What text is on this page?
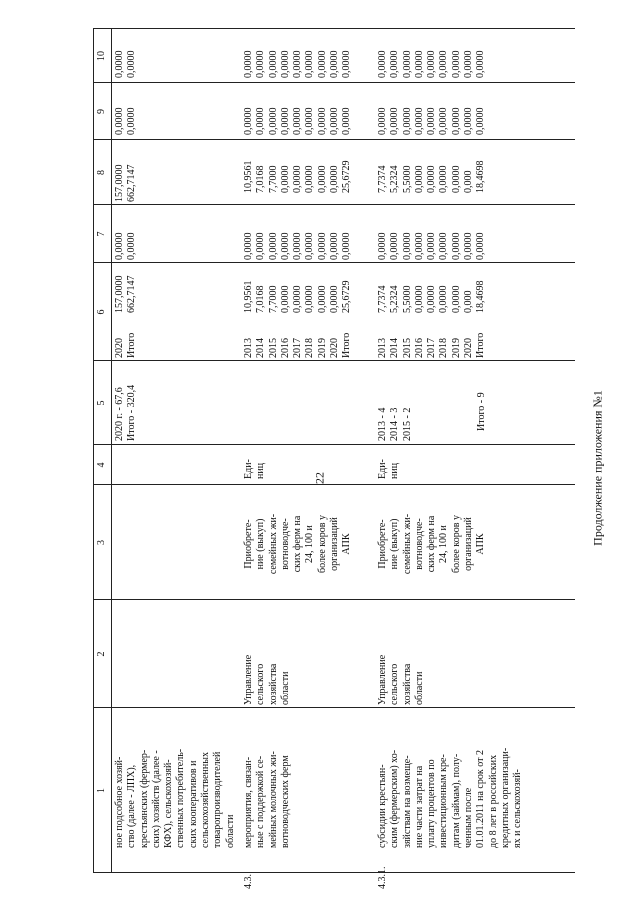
22	Продолжение приложения №1
1
2
3
4
5
6
7
8
9
10
ное подсобное хозяй-
ство (далее - ЛПХ),
крестьянских (фермер-
ских) хозяйств (далее -
КФХ), сельскохозяй-
ственных потребитель-
ских кооперативов и
сельскохозяйственных
товаропроизводителей
области
2020 г. - 67,6
Итого - 320,4
2020
Итого
157,0000
662,7147
0,0000
0,0000
157,0000
662,7147
0,0000
0,0000
0,0000
0,0000
4.3.
мероприятия, связан-
ные с поддержкой се-
мейных молочных жи-
вотноводческих ферм
Управление
сельского
хозяйства
области
Приобрете-
ние (выкуп)
семейных жи-
вотноводче-
ских ферм на
24, 100 и
более коров у
организаций
АПК
Еди-
ниц
2013
2014
2015
2016
2017
2018
2019
2020
Итого
10,9561
7,0168
7,7000
0,0000
0,0000
0,0000
0,0000
0,0000
25,6729
0,0000
0,0000
0,0000
0,0000
0,0000
0,0000
0,0000
0,0000
0,0000
10,9561
7,0168
7,7000
0,0000
0,0000
0,0000
0,0000
0,0000
25,6729
0,0000
0,0000
0,0000
0,0000
0,0000
0,0000
0,0000
0,0000
0,0000
0,0000
0,0000
0,0000
0,0000
0,0000
0,0000
0,0000
0,0000
0,0000
4.3.1.
субсидии крестьян-
ским (фермерским) хо-
зяйствам на возмеще-
ние части затрат на
уплату процентов по
инвестиционным кре-
дитам (займам), полу-
ченным после
01.01.2011 на срок от 2
до 8 лет в российских
кредитных организаци-
ях и сельскохозяй-
Управление
сельского
хозяйства
области
Приобрете-
ние (выкуп)
семейных жи-
вотноводче-
ских ферм на
24, 100 и
более коров у
организаций
АПК
Еди-
ниц
2013 - 4
2014 - 3
2015 - 2	Итого - 9
2013
2014
2015
2016
2017
2018
2019
2020
Итого
7,7374
5,2324
5,5000
0,0000
0,0000
0,0000
0,0000
0,000
18,4698
0,0000
0,0000
0,0000
0,0000
0,0000
0,0000
0,0000
0,0000
0,0000
7,7374
5,2324
5,5000
0,0000
0,0000
0,0000
0,0000
0,000
18,4698
0,0000
0,0000
0,0000
0,0000
0,0000
0,0000
0,0000
0,0000
0,0000
0,0000
0,0000
0,0000
0,0000
0,0000
0,0000
0,0000
0,0000
0,0000
